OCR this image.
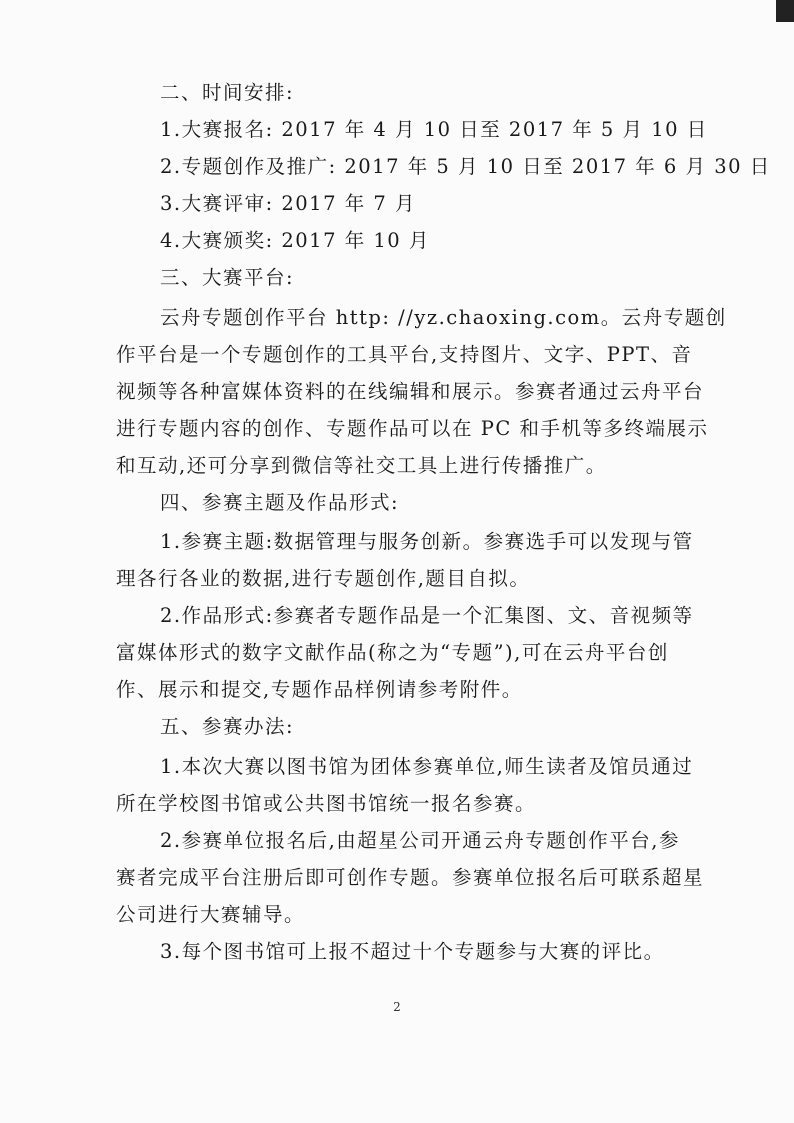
二、时间安排:
1.大赛报名: 2017 年 4 月 10 日至 2017 年 5 月 10 日
2.专题创作及推广: 2017 年 5 月 10 日至 2017 年 6 月 30 日
3.大赛评审: 2017 年 7 月
4.大赛颁奖: 2017 年 10 月
三、大赛平台:
云舟专题创作平台 http: //yz.chaoxing.com。云舟专题创
作平台是一个专题创作的工具平台,支持图片、文字、PPT、音
视频等各种富媒体资料的在线编辑和展示。参赛者通过云舟平台
进行专题内容的创作、专题作品可以在 PC 和手机等多终端展示
和互动,还可分享到微信等社交工具上进行传播推广。
四、参赛主题及作品形式:
1.参赛主题:数据管理与服务创新。参赛选手可以发现与管
理各行各业的数据,进行专题创作,题目自拟。
2.作品形式:参赛者专题作品是一个汇集图、文、音视频等
富媒体形式的数字文献作品(称之为“专题”),可在云舟平台创
作、展示和提交,专题作品样例请参考附件。
五、参赛办法:
1.本次大赛以图书馆为团体参赛单位,师生读者及馆员通过
所在学校图书馆或公共图书馆统一报名参赛。
2.参赛单位报名后,由超星公司开通云舟专题创作平台,参
赛者完成平台注册后即可创作专题。参赛单位报名后可联系超星
公司进行大赛辅导。
3.每个图书馆可上报不超过十个专题参与大赛的评比。
2
